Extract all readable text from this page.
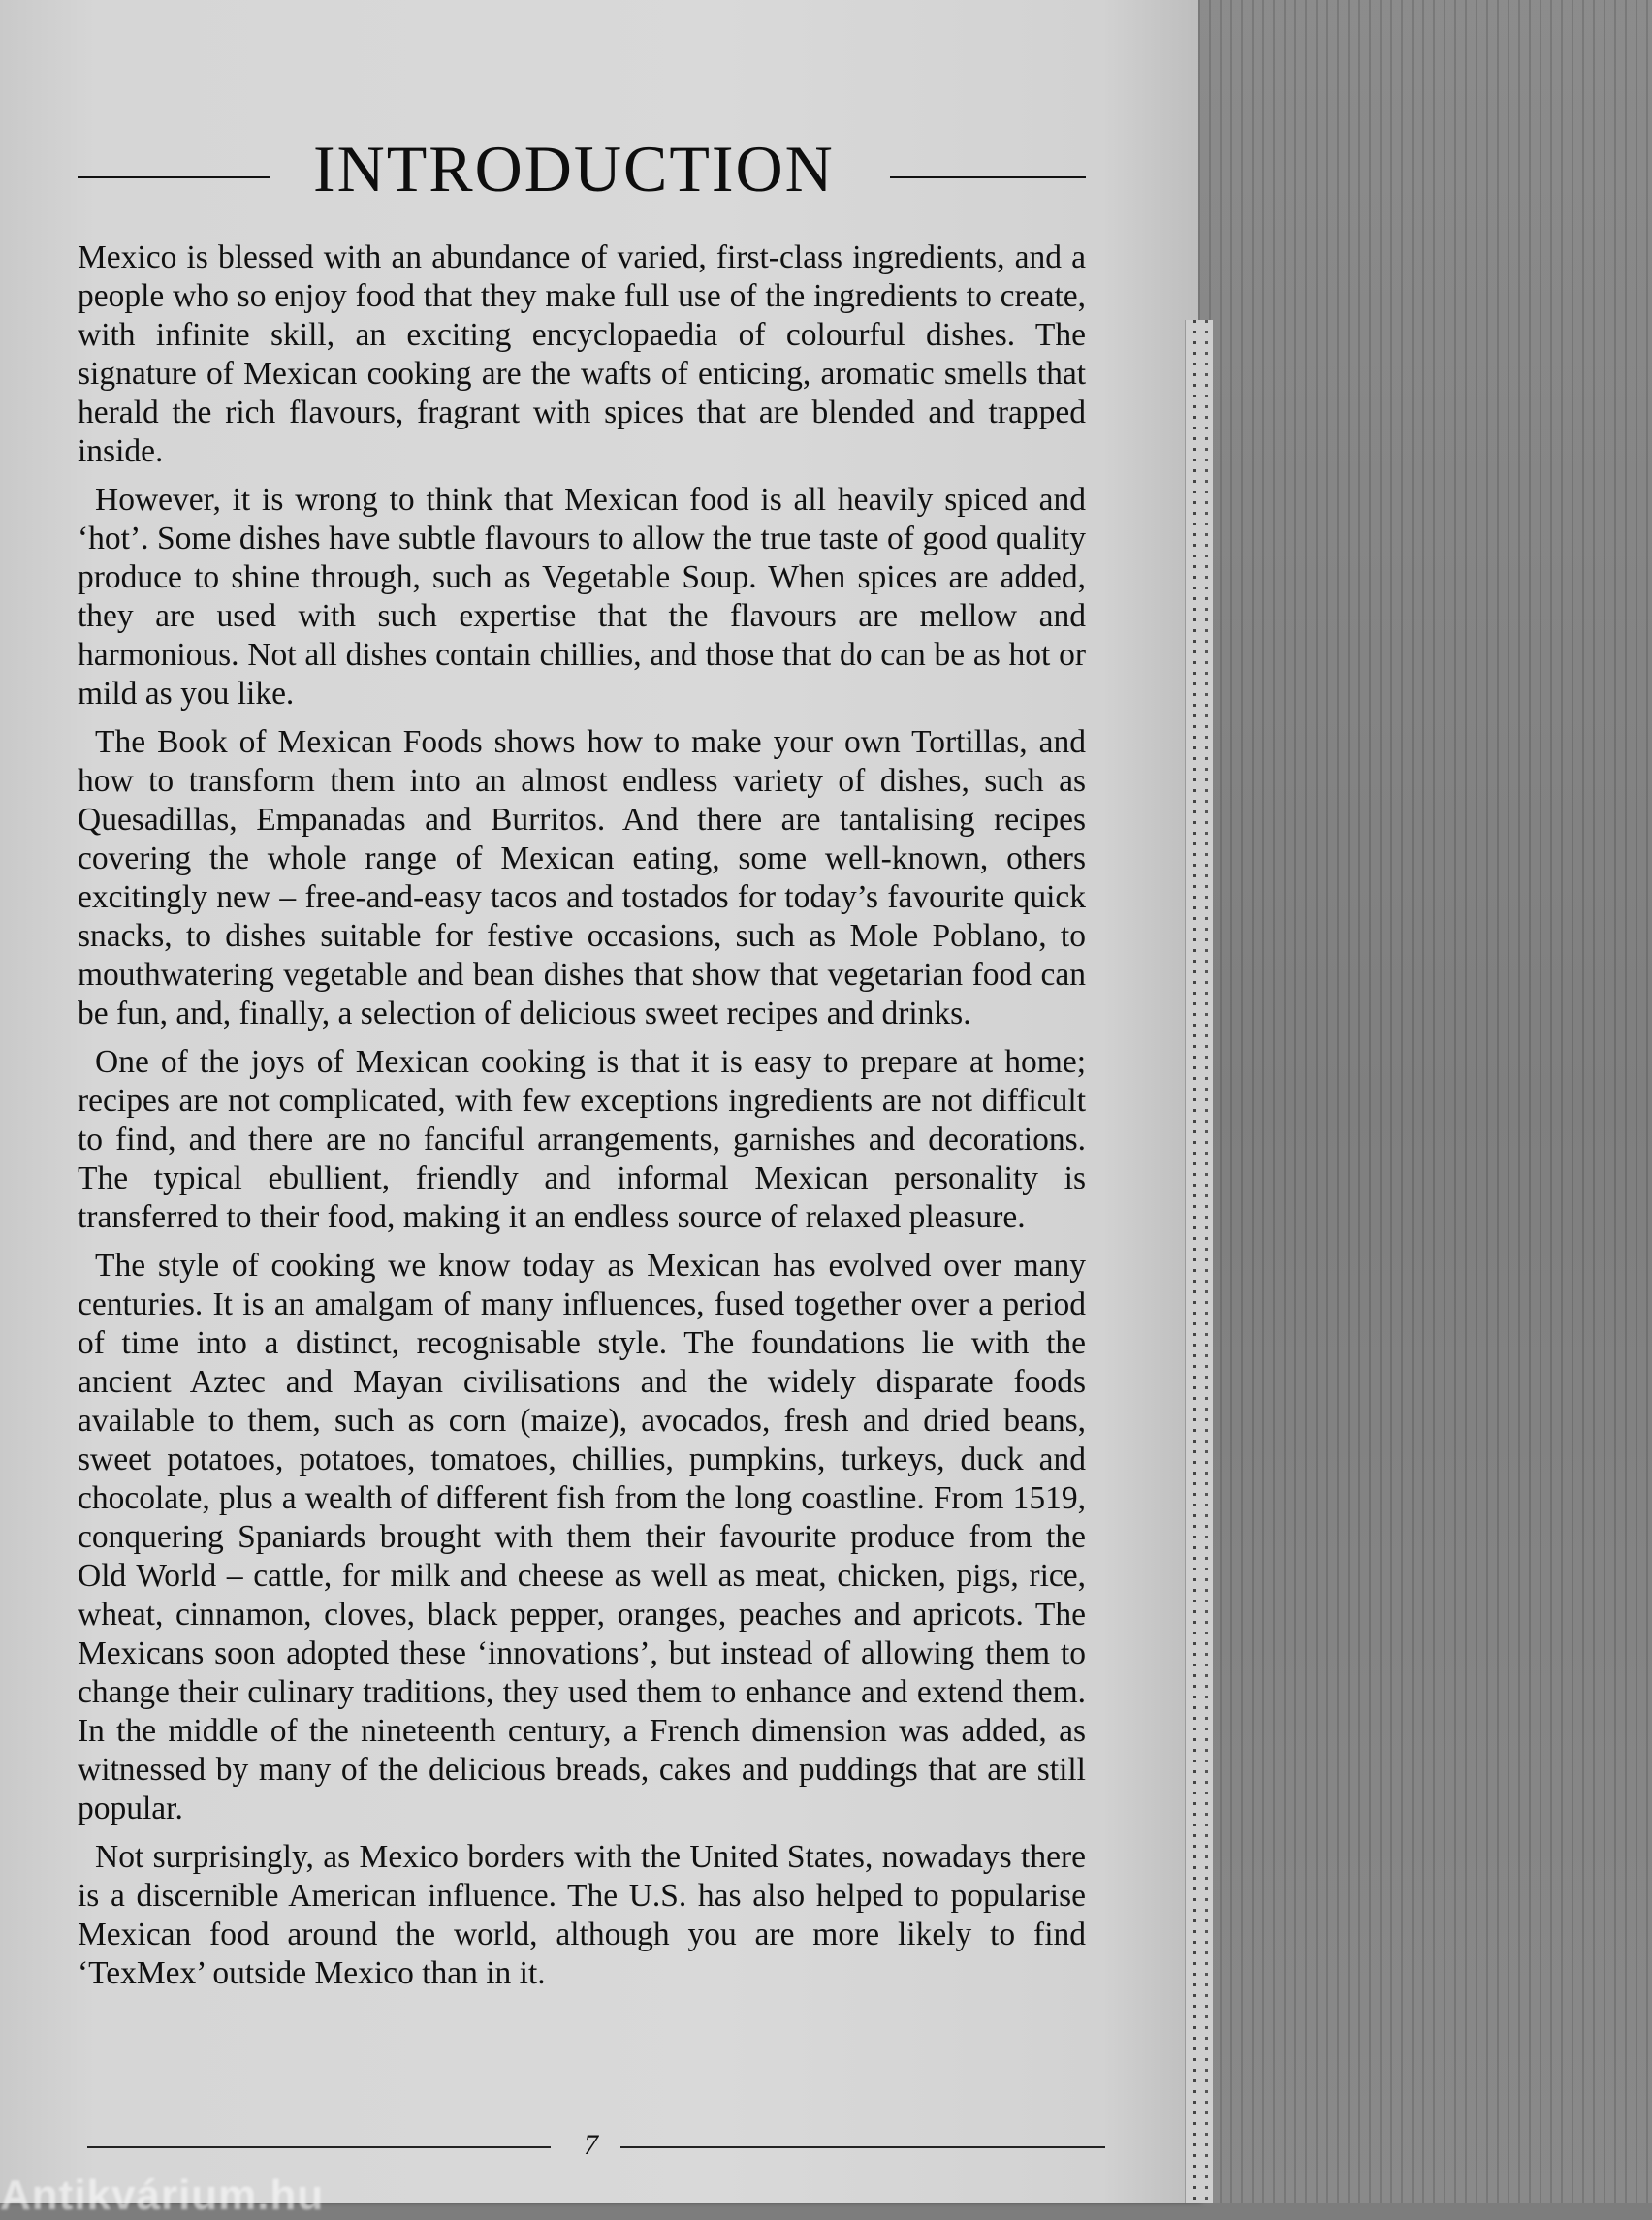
INTRODUCTION

Mexico is blessed with an abundance of varied, first-class ingredients, and a people who so enjoy food that they make full use of the ingredients to create, with infinite skill, an exciting encyclopaedia of colourful dishes. The signature of Mexican cooking are the wafts of enticing, aromatic smells that herald the rich flavours, fragrant with spices that are blended and trapped inside.

However, it is wrong to think that Mexican food is all heavily spiced and ‘hot’. Some dishes have subtle flavours to allow the true taste of good quality produce to shine through, such as Vegetable Soup. When spices are added, they are used with such expertise that the flavours are mellow and harmonious. Not all dishes contain chillies, and those that do can be as hot or mild as you like.

The Book of Mexican Foods shows how to make your own Tortillas, and how to transform them into an almost endless variety of dishes, such as Quesadillas, Empanadas and Burritos. And there are tantalising recipes covering the whole range of Mexican eating, some well-known, others excitingly new – free-and-easy tacos and tostados for today’s favourite quick snacks, to dishes suitable for festive occasions, such as Mole Poblano, to mouthwatering vegetable and bean dishes that show that vegetarian food can be fun, and, finally, a selection of delicious sweet recipes and drinks.

One of the joys of Mexican cooking is that it is easy to prepare at home; recipes are not complicated, with few exceptions ingredients are not difficult to find, and there are no fanciful arrangements, garnishes and decorations. The typical ebullient, friendly and informal Mexican personality is transferred to their food, making it an endless source of relaxed pleasure.

The style of cooking we know today as Mexican has evolved over many centuries. It is an amalgam of many influences, fused together over a period of time into a distinct, recognisable style. The foundations lie with the ancient Aztec and Mayan civilisations and the widely disparate foods available to them, such as corn (maize), avocados, fresh and dried beans, sweet potatoes, potatoes, tomatoes, chillies, pumpkins, turkeys, duck and chocolate, plus a wealth of different fish from the long coastline. From 1519, conquering Spaniards brought with them their favourite produce from the Old World – cattle, for milk and cheese as well as meat, chicken, pigs, rice, wheat, cinnamon, cloves, black pepper, oranges, peaches and apricots. The Mexicans soon adopted these ‘innovations’, but instead of allowing them to change their culinary traditions, they used them to enhance and extend them. In the middle of the nineteenth century, a French dimension was added, as witnessed by many of the delicious breads, cakes and puddings that are still popular.

Not surprisingly, as Mexico borders with the United States, nowadays there is a discernible American influence. The U.S. has also helped to popularise Mexican food around the world, although you are more likely to find ‘TexMex’ outside Mexico than in it.

7
Antikvárium.hu
